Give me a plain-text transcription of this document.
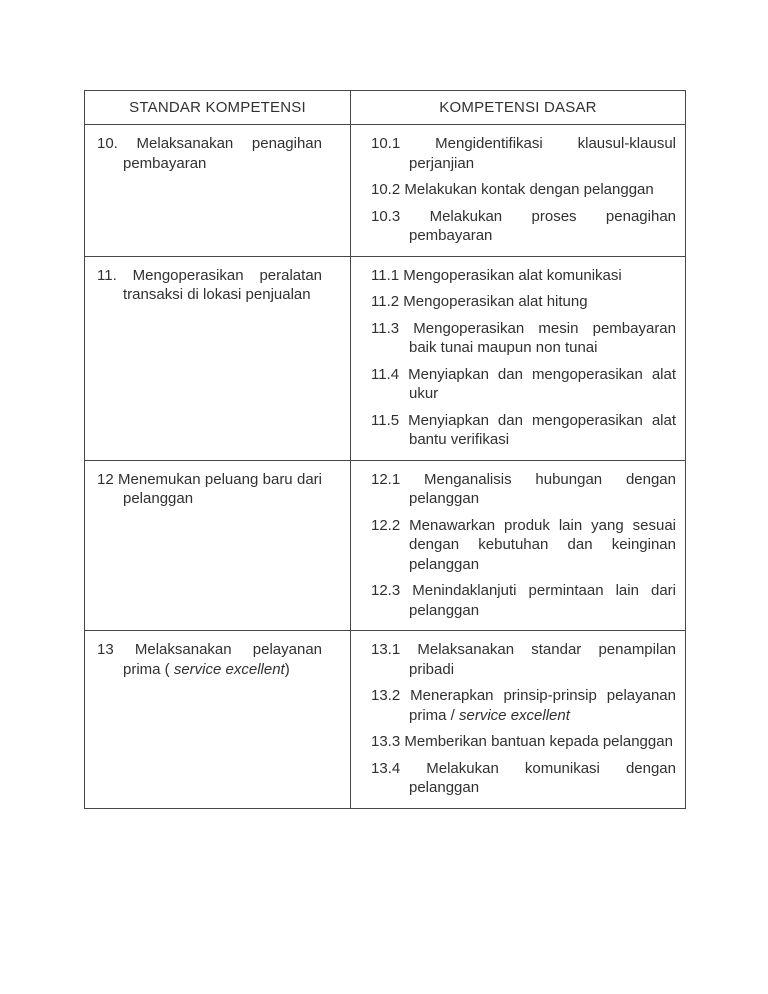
STANDAR KOMPETENSI	KOMPETENSI DASAR

10. Melaksanakan penagihan pembayaran	10.1 Mengidentifikasi klausul-klausul perjanjian

10.2 Melakukan kontak dengan pelanggan

10.3 Melakukan proses penagihan pembayaran

11. Mengoperasikan peralatan transaksi di lokasi penjualan	11.1 Mengoperasikan alat komunikasi

11.2 Mengoperasikan alat hitung

11.3 Mengoperasikan mesin pembayaran baik tunai maupun non tunai

11.4 Menyiapkan dan mengoperasikan alat ukur

11.5 Menyiapkan dan mengoperasikan alat bantu verifikasi

12 Menemukan peluang baru dari pelanggan	12.1 Menganalisis hubungan dengan pelanggan

12.2 Menawarkan produk lain yang sesuai dengan kebutuhan dan keinginan pelanggan

12.3 Menindaklanjuti permintaan lain dari pelanggan

13 Melaksanakan pelayanan prima ( service excellent)	13.1 Melaksanakan standar penampilan pribadi

13.2 Menerapkan prinsip-prinsip pelayanan prima / service excellent

13.3 Memberikan bantuan kepada pelanggan

13.4 Melakukan komunikasi dengan pelanggan
